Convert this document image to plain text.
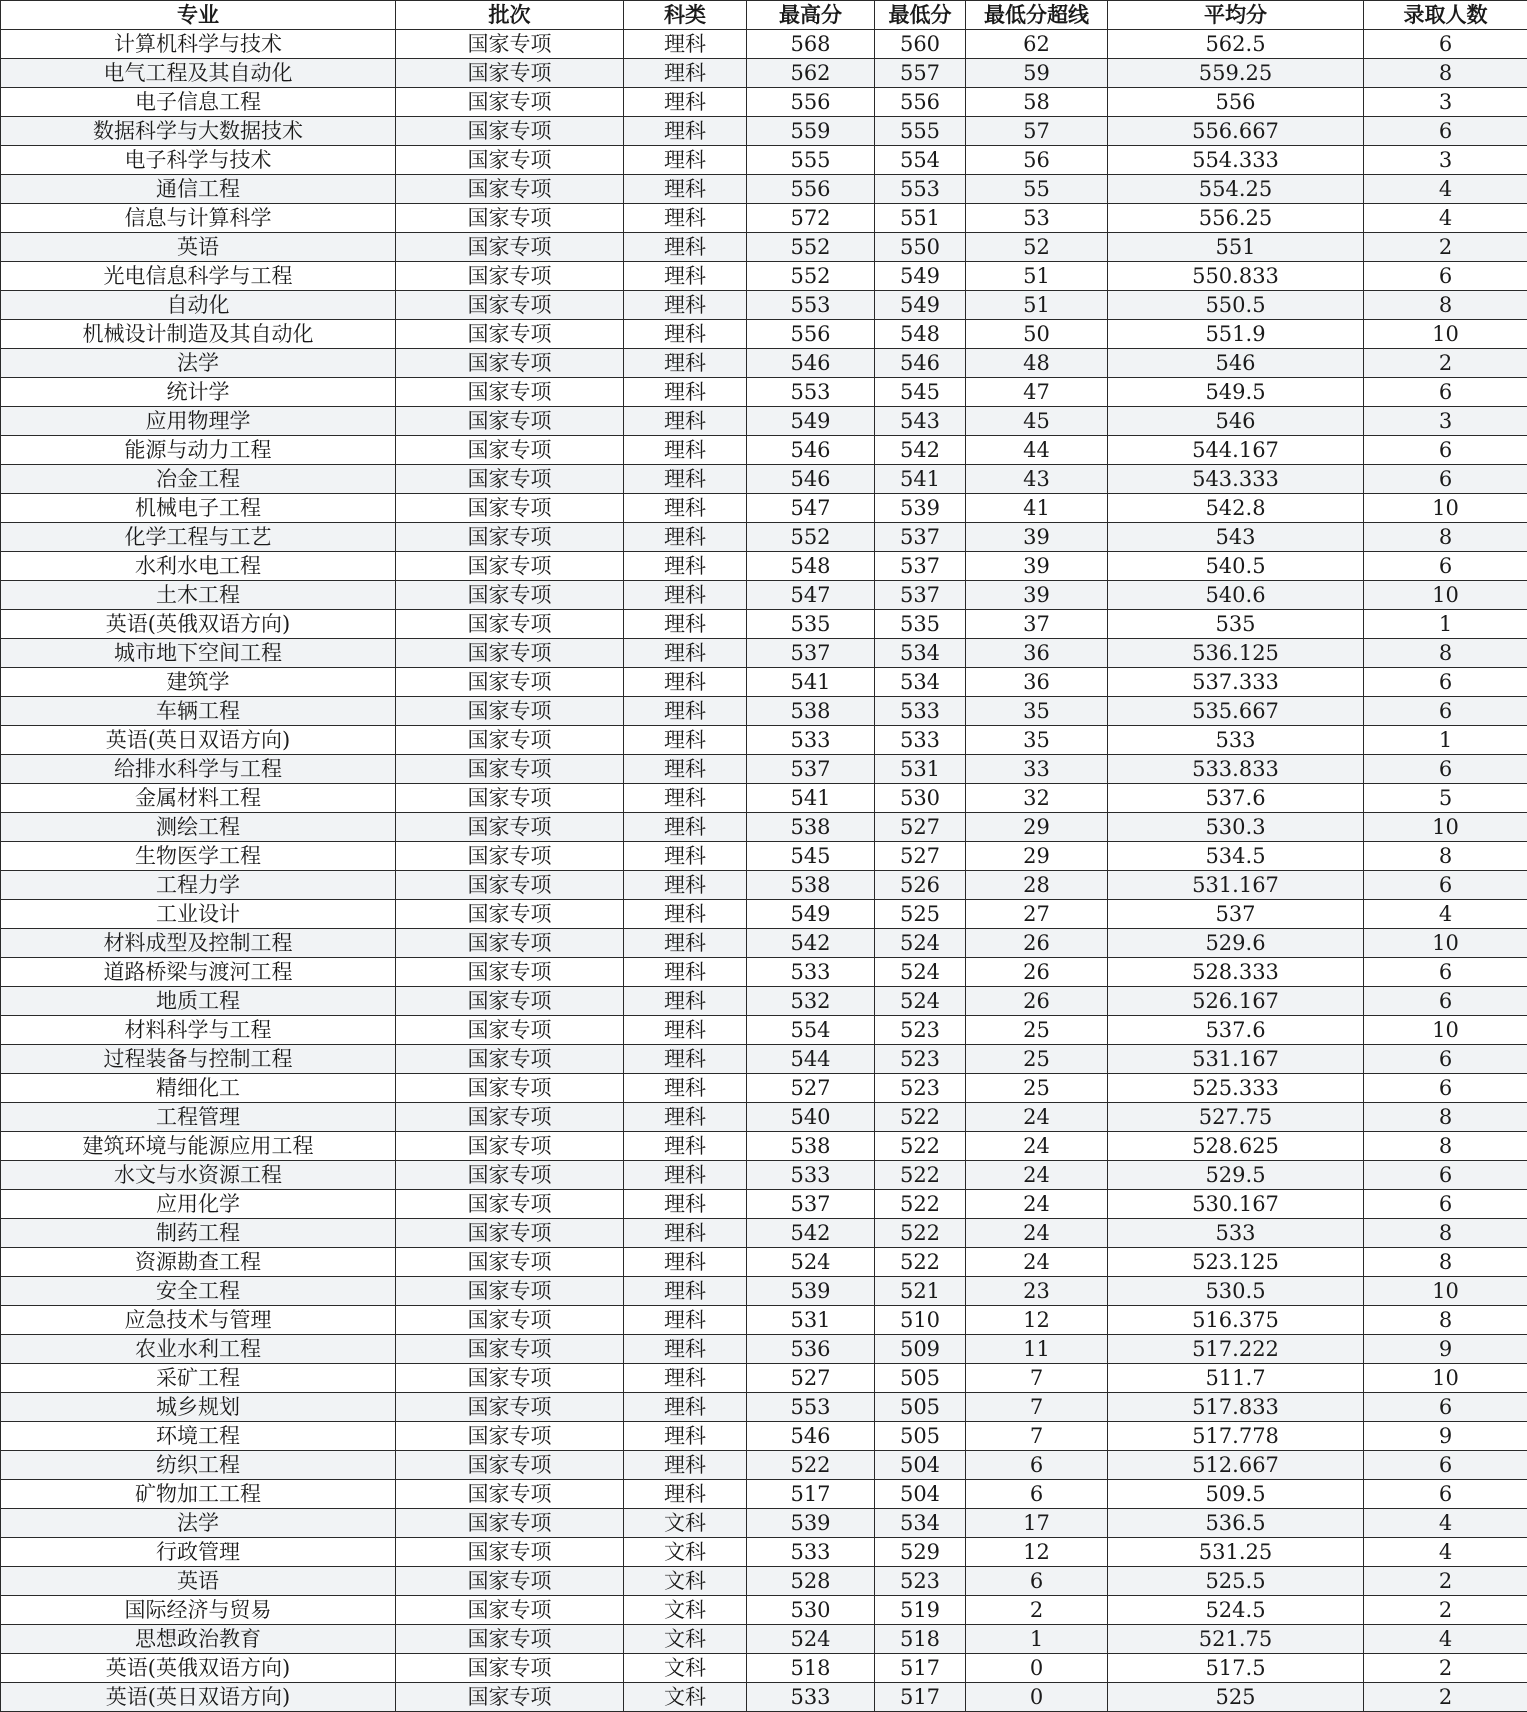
专业	批次	科类	最高分	最低分	最低分超线	平均分	录取人数
计算机科学与技术	国家专项	理科	568	560	62	562.5	6
电气工程及其自动化	国家专项	理科	562	557	59	559.25	8
电子信息工程	国家专项	理科	556	556	58	556	3
数据科学与大数据技术	国家专项	理科	559	555	57	556.667	6
电子科学与技术	国家专项	理科	555	554	56	554.333	3
通信工程	国家专项	理科	556	553	55	554.25	4
信息与计算科学	国家专项	理科	572	551	53	556.25	4
英语	国家专项	理科	552	550	52	551	2
光电信息科学与工程	国家专项	理科	552	549	51	550.833	6
自动化	国家专项	理科	553	549	51	550.5	8
机械设计制造及其自动化	国家专项	理科	556	548	50	551.9	10
法学	国家专项	理科	546	546	48	546	2
统计学	国家专项	理科	553	545	47	549.5	6
应用物理学	国家专项	理科	549	543	45	546	3
能源与动力工程	国家专项	理科	546	542	44	544.167	6
冶金工程	国家专项	理科	546	541	43	543.333	6
机械电子工程	国家专项	理科	547	539	41	542.8	10
化学工程与工艺	国家专项	理科	552	537	39	543	8
水利水电工程	国家专项	理科	548	537	39	540.5	6
土木工程	国家专项	理科	547	537	39	540.6	10
英语(英俄双语方向)	国家专项	理科	535	535	37	535	1
城市地下空间工程	国家专项	理科	537	534	36	536.125	8
建筑学	国家专项	理科	541	534	36	537.333	6
车辆工程	国家专项	理科	538	533	35	535.667	6
英语(英日双语方向)	国家专项	理科	533	533	35	533	1
给排水科学与工程	国家专项	理科	537	531	33	533.833	6
金属材料工程	国家专项	理科	541	530	32	537.6	5
测绘工程	国家专项	理科	538	527	29	530.3	10
生物医学工程	国家专项	理科	545	527	29	534.5	8
工程力学	国家专项	理科	538	526	28	531.167	6
工业设计	国家专项	理科	549	525	27	537	4
材料成型及控制工程	国家专项	理科	542	524	26	529.6	10
道路桥梁与渡河工程	国家专项	理科	533	524	26	528.333	6
地质工程	国家专项	理科	532	524	26	526.167	6
材料科学与工程	国家专项	理科	554	523	25	537.6	10
过程装备与控制工程	国家专项	理科	544	523	25	531.167	6
精细化工	国家专项	理科	527	523	25	525.333	6
工程管理	国家专项	理科	540	522	24	527.75	8
建筑环境与能源应用工程	国家专项	理科	538	522	24	528.625	8
水文与水资源工程	国家专项	理科	533	522	24	529.5	6
应用化学	国家专项	理科	537	522	24	530.167	6
制药工程	国家专项	理科	542	522	24	533	8
资源勘查工程	国家专项	理科	524	522	24	523.125	8
安全工程	国家专项	理科	539	521	23	530.5	10
应急技术与管理	国家专项	理科	531	510	12	516.375	8
农业水利工程	国家专项	理科	536	509	11	517.222	9
采矿工程	国家专项	理科	527	505	7	511.7	10
城乡规划	国家专项	理科	553	505	7	517.833	6
环境工程	国家专项	理科	546	505	7	517.778	9
纺织工程	国家专项	理科	522	504	6	512.667	6
矿物加工工程	国家专项	理科	517	504	6	509.5	6
法学	国家专项	文科	539	534	17	536.5	4
行政管理	国家专项	文科	533	529	12	531.25	4
英语	国家专项	文科	528	523	6	525.5	2
国际经济与贸易	国家专项	文科	530	519	2	524.5	2
思想政治教育	国家专项	文科	524	518	1	521.75	4
英语(英俄双语方向)	国家专项	文科	518	517	0	517.5	2
英语(英日双语方向)	国家专项	文科	533	517	0	525	2
